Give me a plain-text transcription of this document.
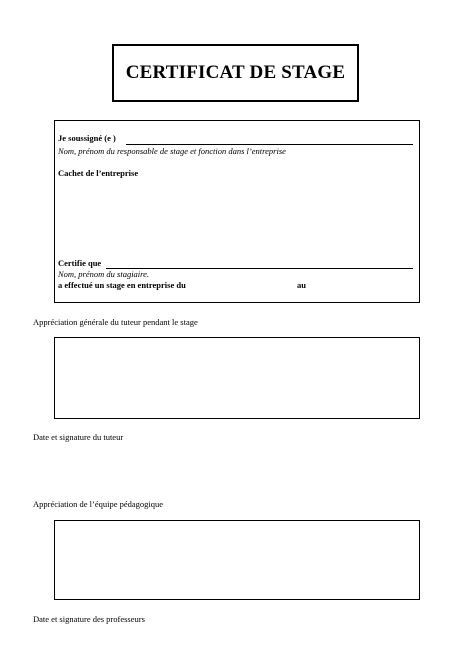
CERTIFICAT DE STAGE
Je soussigné (e )
Nom, prénom du responsable de stage et fonction dans l’entreprise
Cachet de l’entreprise
Certifie que
Nom, prénom du stagiaire.
a effectué un stage en entreprise du	au
Appréciation générale du tuteur pendant le stage
Date et signature du tuteur
Appréciation de l’équipe pédagogique
Date et signature des professeurs
